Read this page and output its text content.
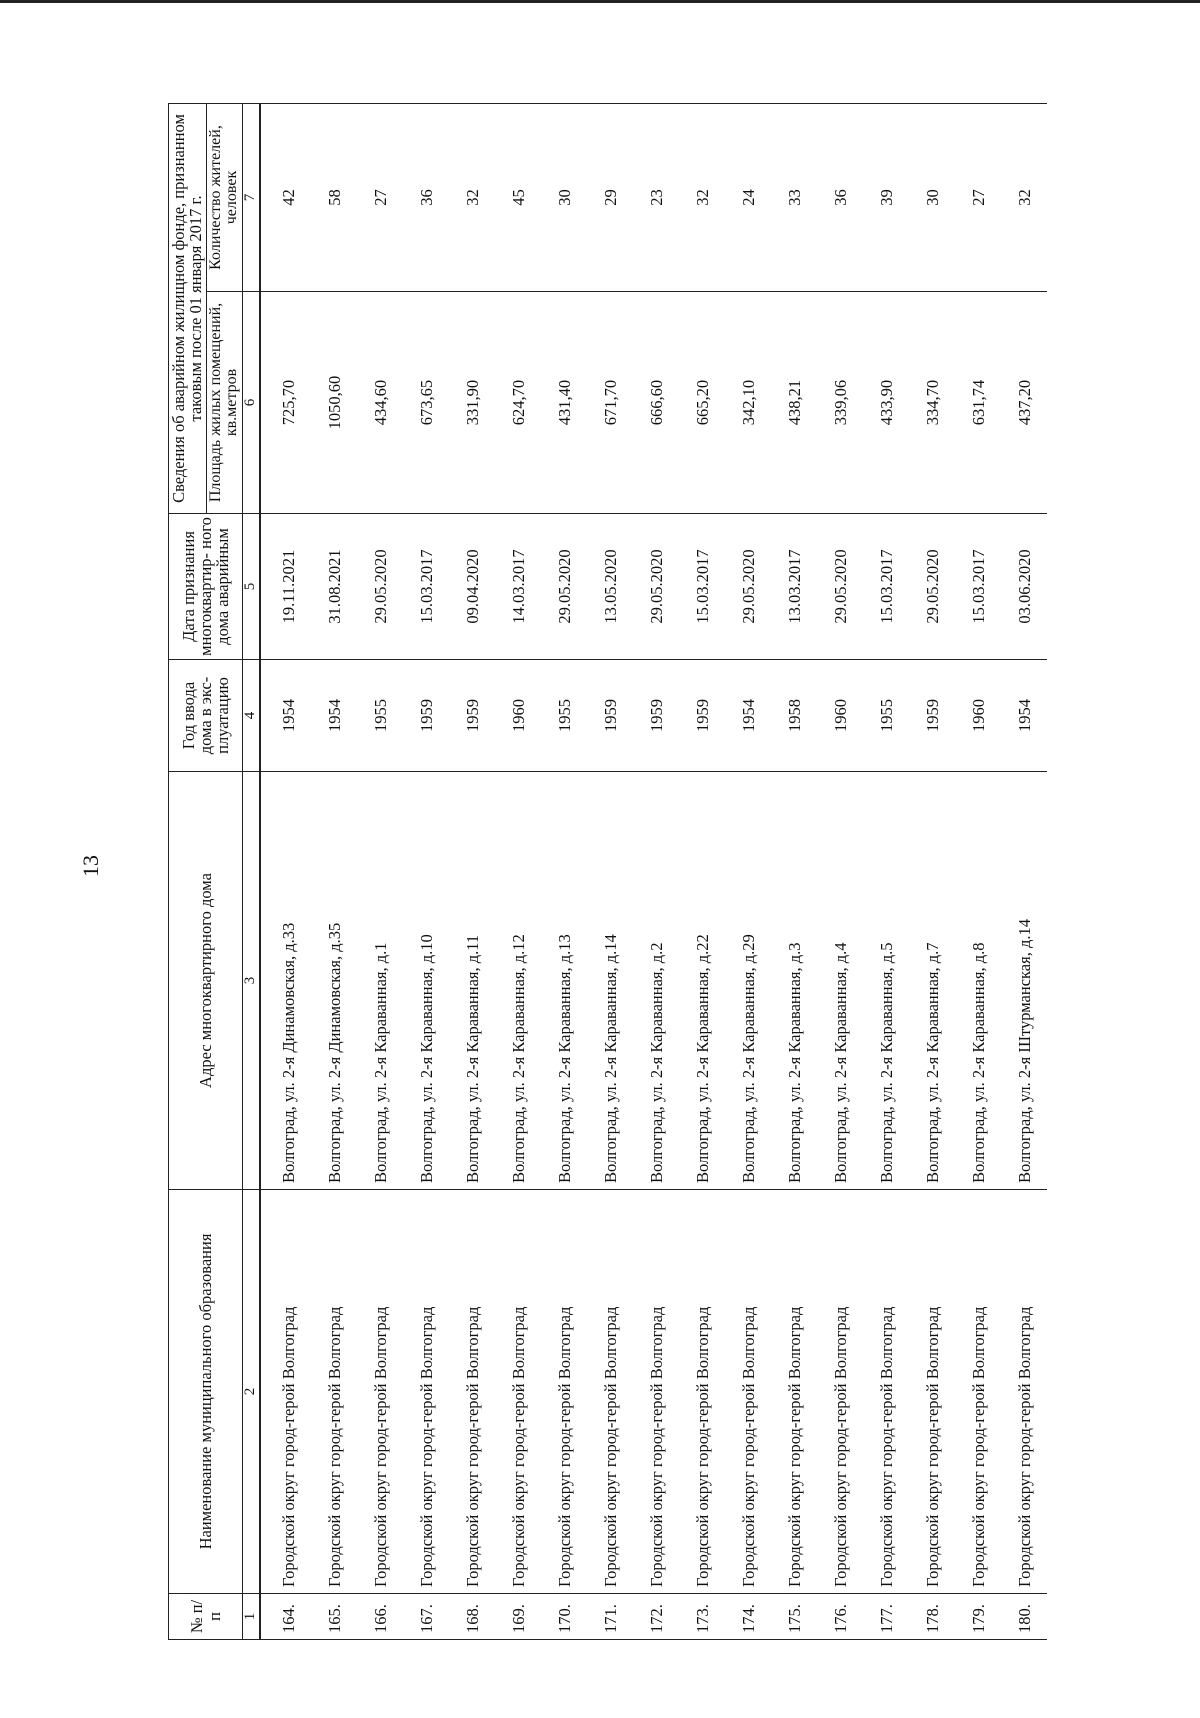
13
№ п/п	Наименование муниципального образования	Адрес многоквартирного дома	Год ввода дома в экс- плуатацию	Дата признания многоквартир- ного дома аварийным	Сведения об аварийном жилищном фонде, признанном таковым после 01 января 2017 г.	
					Площадь жилых помещений, кв.метров	Количество жителей, человек
1	2	3	4	5	6	7
164.	Городской округ город-герой Волгоград	Волгоград, ул. 2-я Динамовская, д.33	1954	19.11.2021	725,70	42
165.	Городской округ город-герой Волгоград	Волгоград, ул. 2-я Динамовская, д.35	1954	31.08.2021	1050,60	58
166.	Городской округ город-герой Волгоград	Волгоград, ул. 2-я Караванная, д.1	1955	29.05.2020	434,60	27
167.	Городской округ город-герой Волгоград	Волгоград, ул. 2-я Караванная, д.10	1959	15.03.2017	673,65	36
168.	Городской округ город-герой Волгоград	Волгоград, ул. 2-я Караванная, д.11	1959	09.04.2020	331,90	32
169.	Городской округ город-герой Волгоград	Волгоград, ул. 2-я Караванная, д.12	1960	14.03.2017	624,70	45
170.	Городской округ город-герой Волгоград	Волгоград, ул. 2-я Караванная, д.13	1955	29.05.2020	431,40	30
171.	Городской округ город-герой Волгоград	Волгоград, ул. 2-я Караванная, д.14	1959	13.05.2020	671,70	29
172.	Городской округ город-герой Волгоград	Волгоград, ул. 2-я Караванная, д.2	1959	29.05.2020	666,60	23
173.	Городской округ город-герой Волгоград	Волгоград, ул. 2-я Караванная, д.22	1959	15.03.2017	665,20	32
174.	Городской округ город-герой Волгоград	Волгоград, ул. 2-я Караванная, д.29	1954	29.05.2020	342,10	24
175.	Городской округ город-герой Волгоград	Волгоград, ул. 2-я Караванная, д.3	1958	13.03.2017	438,21	33
176.	Городской округ город-герой Волгоград	Волгоград, ул. 2-я Караванная, д.4	1960	29.05.2020	339,06	36
177.	Городской округ город-герой Волгоград	Волгоград, ул. 2-я Караванная, д.5	1955	15.03.2017	433,90	39
178.	Городской округ город-герой Волгоград	Волгоград, ул. 2-я Караванная, д.7	1959	29.05.2020	334,70	30
179.	Городской округ город-герой Волгоград	Волгоград, ул. 2-я Караванная, д.8	1960	15.03.2017	631,74	27
180.	Городской округ город-герой Волгоград	Волгоград, ул. 2-я Штурманская, д.14	1954	03.06.2020	437,20	32
